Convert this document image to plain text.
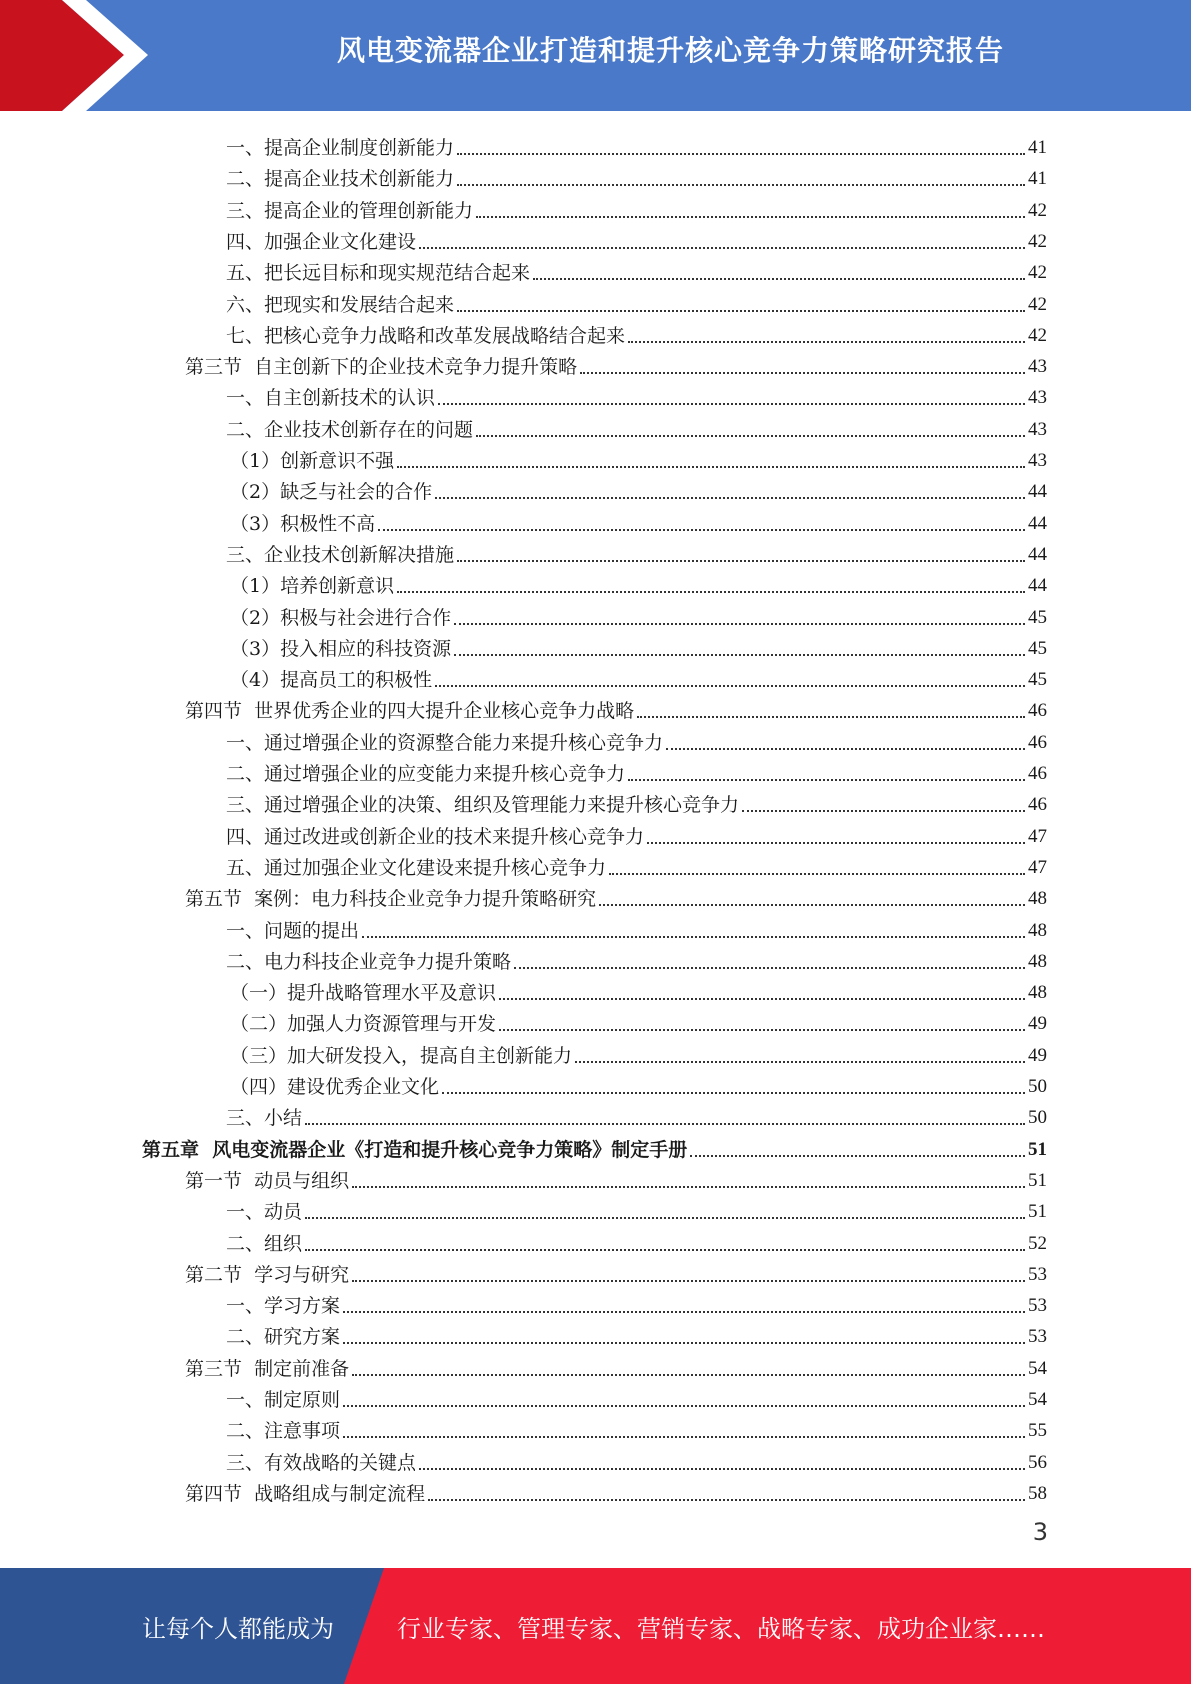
风电变流器企业打造和提升核心竞争力策略研究报告
一、提高企业制度创新能力	41
二、提高企业技术创新能力	41
三、提高企业的管理创新能力	42
四、加强企业文化建设	42
五、把长远目标和现实规范结合起来	42
六、把现实和发展结合起来	42
七、把核心竞争力战略和改革发展战略结合起来	42
第三节  自主创新下的企业技术竞争力提升策略	43
一、自主创新技术的认识	43
二、企业技术创新存在的问题	43
（1）创新意识不强	43
（2）缺乏与社会的合作	44
（3）积极性不高	44
三、企业技术创新解决措施	44
（1）培养创新意识	44
（2）积极与社会进行合作	45
（3）投入相应的科技资源	45
（4）提高员工的积极性	45
第四节  世界优秀企业的四大提升企业核心竞争力战略	46
一、通过增强企业的资源整合能力来提升核心竞争力	46
二、通过增强企业的应变能力来提升核心竞争力	46
三、通过增强企业的决策、组织及管理能力来提升核心竞争力	46
四、通过改进或创新企业的技术来提升核心竞争力	47
五、通过加强企业文化建设来提升核心竞争力	47
第五节  案例：电力科技企业竞争力提升策略研究	48
一、问题的提出	48
二、电力科技企业竞争力提升策略	48
（一）提升战略管理水平及意识	48
（二）加强人力资源管理与开发	49
（三）加大研发投入，提高自主创新能力	49
（四）建设优秀企业文化	50
三、小结	50
第五章  风电变流器企业《打造和提升核心竞争力策略》制定手册	51
第一节  动员与组织	51
一、动员	51
二、组织	52
第二节  学习与研究	53
一、学习方案	53
二、研究方案	53
第三节  制定前准备	54
一、制定原则	54
二、注意事项	55
三、有效战略的关键点	56
第四节  战略组成与制定流程	58
3
让每个人都能成为	行业专家、管理专家、营销专家、战略专家、成功企业家……
